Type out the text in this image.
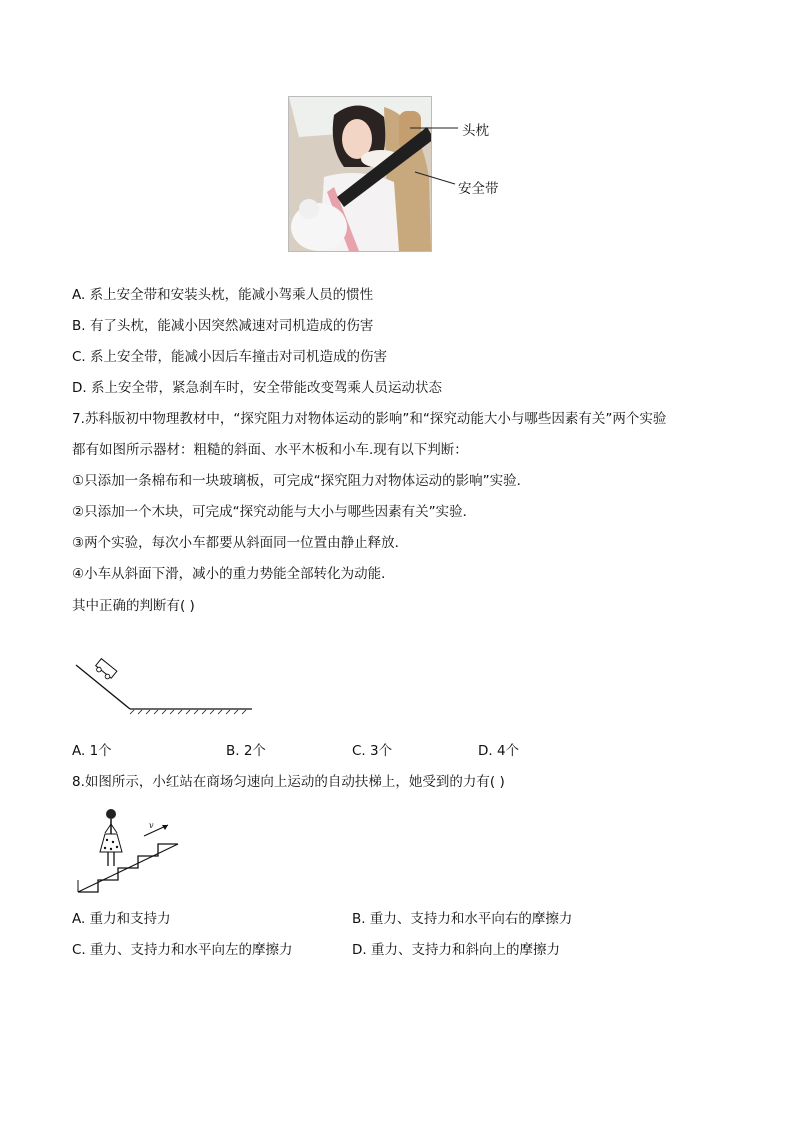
头枕
安全带
A. 系上安全带和安装头枕，能减小驾乘人员的惯性
B. 有了头枕，能减小因突然减速对司机造成的伤害
C. 系上安全带，能减小因后车撞击对司机造成的伤害
D. 系上安全带，紧急刹车时，安全带能改变驾乘人员运动状态
7.苏科版初中物理教材中，“探究阻力对物体运动的影响”和“探究动能大小与哪些因素有关”两个实验
都有如图所示器材：粗糙的斜面、水平木板和小车.现有以下判断：
①只添加一条棉布和一块玻璃板，可完成“探究阻力对物体运动的影响”实验．
②只添加一个木块，可完成“探究动能与大小与哪些因素有关”实验．
③两个实验，每次小车都要从斜面同一位置由静止释放．
④小车从斜面下滑，减小的重力势能全部转化为动能．
其中正确的判断有( )
A. 1个	B. 2个	C. 3个	D. 4个
8.如图所示，小红站在商场匀速向上运动的自动扶梯上，她受到的力有( )
v
A. 重力和支持力	B. 重力、支持力和水平向右的摩擦力
C. 重力、支持力和水平向左的摩擦力	D. 重力、支持力和斜向上的摩擦力
